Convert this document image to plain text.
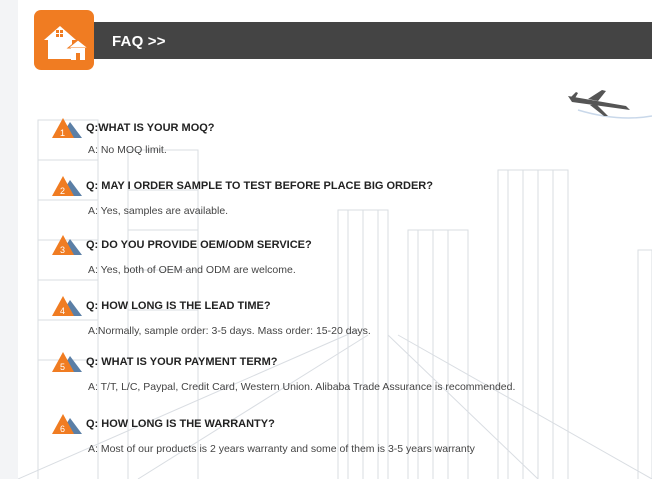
FAQ >>
1 Q:WHAT IS YOUR MOQ?
A: No MOQ limit.
2 Q: MAY I ORDER SAMPLE TO TEST BEFORE PLACE BIG ORDER?
A: Yes, samples are available.
3 Q: DO YOU PROVIDE OEM/ODM SERVICE?
A: Yes, both of OEM and ODM are welcome.
4 Q: HOW LONG IS THE LEAD TIME?
A:Normally, sample order: 3-5 days. Mass order: 15-20 days.
5 Q: WHAT IS YOUR PAYMENT TERM?
A: T/T, L/C, Paypal, Credit Card, Western Union. Alibaba Trade Assurance is recommended.
6 Q: HOW LONG IS THE WARRANTY?
A: Most of our products is 2 years warranty and some of them is 3-5 years warranty
